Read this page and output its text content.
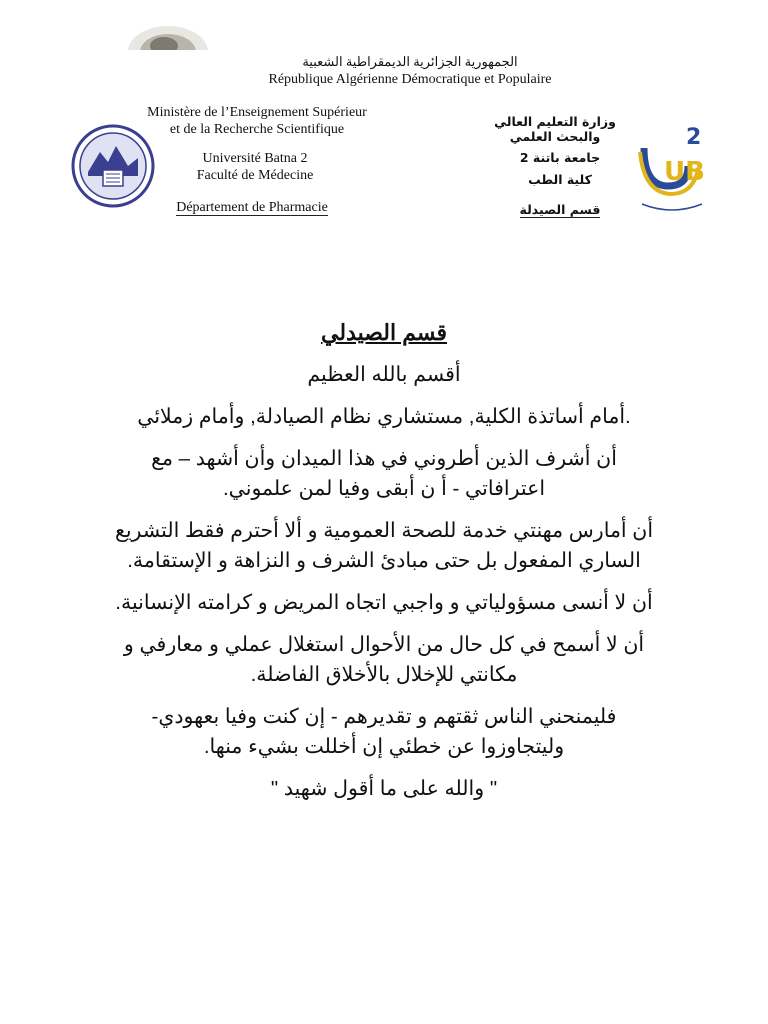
الجمهورية الجزائرية الديمقراطية الشعبية
République Algérienne Démocratique et Populaire
Ministère de l’Enseignement Supérieur
et de la Recherche Scientifique
Université Batna 2
Faculté de Médecine
Département de Pharmacie
وزارة التعليم العالي والبحث العلمي
جامعة باتنة 2
كلية الطب
قسم الصيدلة
2
UB
قسم الصيدلي
أقسم بالله العظيم
.أمام أساتذة الكلية, مستشاري نظام الصيادلة, وأمام زملائي
أن أشرف الذين أطروني في هذا الميدان وأن أشهد – مع اعترافاتي - أ ن أبقى وفيا لمن علموني.
أن أمارس مهنتي خدمة للصحة العمومية و ألا أحترم فقط التشريع الساري المفعول بل حتى مبادئ الشرف و النزاهة و الإستقامة.
أن لا أنسى مسؤولياتي و واجبي اتجاه المريض و كرامته الإنسانية.
أن لا أسمح في كل حال من الأحوال استغلال عملي و معارفي و مكانتي للإخلال بالأخلاق الفاضلة.
فليمنحني الناس ثقتهم و تقديرهم - إن كنت وفيا بعهودي- وليتجاوزوا عن خطئي إن أخللت بشيء منها.
" والله على ما أقول شهيد "
